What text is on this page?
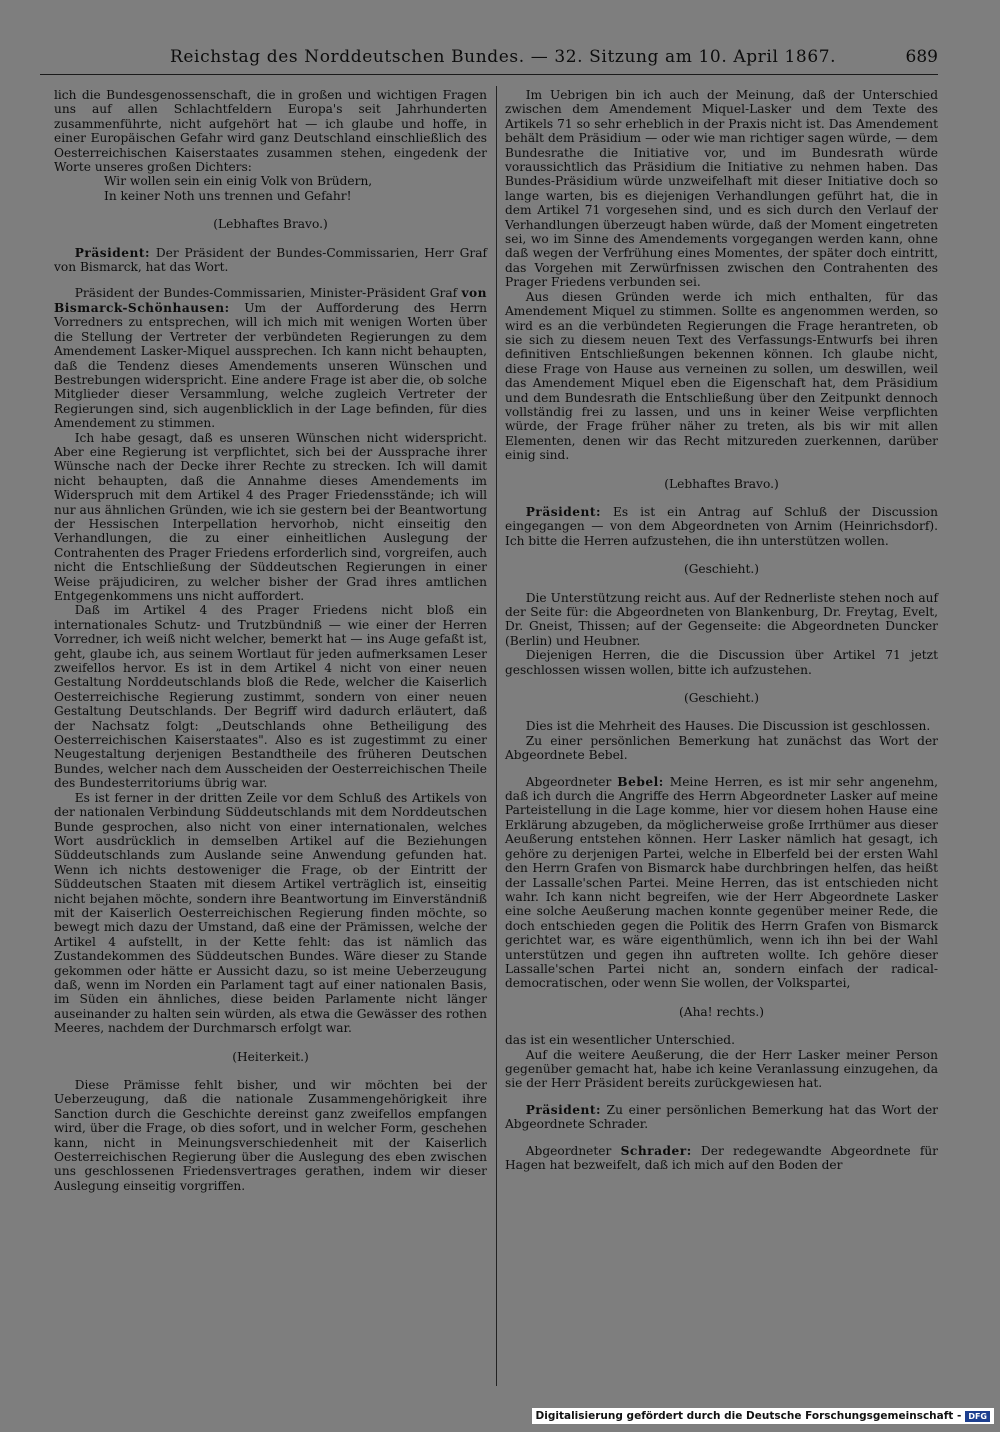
Reichstag des Norddeutschen Bundes. — 32. Sitzung am 10. April 1867.	689

lich die Bundesgenossenschaft, die in großen und wichtigen Fragen uns auf allen Schlachtfeldern Europa's seit Jahrhunderten zusammenführte, nicht aufgehört hat — ich glaube und hoffe, in einer Europäischen Gefahr wird ganz Deutschland einschließlich des Oesterreichischen Kaiserstaates zusammen stehen, eingedenk der Worte unseres großen Dichters:

Wir wollen sein ein einig Volk von Brüdern,

In keiner Noth uns trennen und Gefahr!

(Lebhaftes Bravo.)

Präsident: Der Präsident der Bundes-Commissarien, Herr Graf von Bismarck, hat das Wort.

Präsident der Bundes-Commissarien, Minister-Präsident Graf von Bismarck-Schönhausen: Um der Aufforderung des Herrn Vorredners zu entsprechen, will ich mich mit wenigen Worten über die Stellung der Vertreter der verbündeten Regierungen zu dem Amendement Lasker-Miquel aussprechen. Ich kann nicht behaupten, daß die Tendenz dieses Amendements unseren Wünschen und Bestrebungen widerspricht. Eine andere Frage ist aber die, ob solche Mitglieder dieser Versammlung, welche zugleich Vertreter der Regierungen sind, sich augenblicklich in der Lage befinden, für dies Amendement zu stimmen.

Ich habe gesagt, daß es unseren Wünschen nicht widerspricht. Aber eine Regierung ist verpflichtet, sich bei der Aussprache ihrer Wünsche nach der Decke ihrer Rechte zu strecken. Ich will damit nicht behaupten, daß die Annahme dieses Amendements im Widerspruch mit dem Artikel 4 des Prager Friedensstände; ich will nur aus ähnlichen Gründen, wie ich sie gestern bei der Beantwortung der Hessischen Interpellation hervorhob, nicht einseitig den Verhandlungen, die zu einer einheitlichen Auslegung der Contrahenten des Prager Friedens erforderlich sind, vorgreifen, auch nicht die Entschließung der Süddeutschen Regierungen in einer Weise präjudiciren, zu welcher bisher der Grad ihres amtlichen Entgegenkommens uns nicht auffordert.

Daß im Artikel 4 des Prager Friedens nicht bloß ein internationales Schutz- und Trutzbündniß — wie einer der Herren Vorredner, ich weiß nicht welcher, bemerkt hat — ins Auge gefaßt ist, geht, glaube ich, aus seinem Wortlaut für jeden aufmerksamen Leser zweifellos hervor. Es ist in dem Artikel 4 nicht von einer neuen Gestaltung Norddeutschlands bloß die Rede, welcher die Kaiserlich Oesterreichische Regierung zustimmt, sondern von einer neuen Gestaltung Deutschlands. Der Begriff wird dadurch erläutert, daß der Nachsatz folgt: „Deutschlands ohne Betheiligung des Oesterreichischen Kaiserstaates". Also es ist zugestimmt zu einer Neugestaltung derjenigen Bestandtheile des früheren Deutschen Bundes, welcher nach dem Ausscheiden der Oesterreichischen Theile des Bundesterritoriums übrig war.

Es ist ferner in der dritten Zeile vor dem Schluß des Artikels von der nationalen Verbindung Süddeutschlands mit dem Norddeutschen Bunde gesprochen, also nicht von einer internationalen, welches Wort ausdrücklich in demselben Artikel auf die Beziehungen Süddeutschlands zum Auslande seine Anwendung gefunden hat. Wenn ich nichts destoweniger die Frage, ob der Eintritt der Süddeutschen Staaten mit diesem Artikel verträglich ist, einseitig nicht bejahen möchte, sondern ihre Beantwortung im Einverständniß mit der Kaiserlich Oesterreichischen Regierung finden möchte, so bewegt mich dazu der Umstand, daß eine der Prämissen, welche der Artikel 4 aufstellt, in der Kette fehlt: das ist nämlich das Zustandekommen des Süddeutschen Bundes. Wäre dieser zu Stande gekommen oder hätte er Aussicht dazu, so ist meine Ueberzeugung daß, wenn im Norden ein Parlament tagt auf einer nationalen Basis, im Süden ein ähnliches, diese beiden Parlamente nicht länger auseinander zu halten sein würden, als etwa die Gewässer des rothen Meeres, nachdem der Durchmarsch erfolgt war.

(Heiterkeit.)

Diese Prämisse fehlt bisher, und wir möchten bei der Ueberzeugung, daß die nationale Zusammengehörigkeit ihre Sanction durch die Geschichte dereinst ganz zweifellos empfangen wird, über die Frage, ob dies sofort, und in welcher Form, geschehen kann, nicht in Meinungsverschiedenheit mit der Kaiserlich Oesterreichischen Regierung über die Auslegung des eben zwischen uns geschlossenen Friedensvertrages gerathen, indem wir dieser Auslegung einseitig vorgriffen.

Im Uebrigen bin ich auch der Meinung, daß der Unterschied zwischen dem Amendement Miquel-Lasker und dem Texte des Artikels 71 so sehr erheblich in der Praxis nicht ist. Das Amendement behält dem Präsidium — oder wie man richtiger sagen würde, — dem Bundesrathe die Initiative vor, und im Bundesrath würde voraussichtlich das Präsidium die Initiative zu nehmen haben. Das Bundes-Präsidium würde unzweifelhaft mit dieser Initiative doch so lange warten, bis es diejenigen Verhandlungen geführt hat, die in dem Artikel 71 vorgesehen sind, und es sich durch den Verlauf der Verhandlungen überzeugt haben würde, daß der Moment eingetreten sei, wo im Sinne des Amendements vorgegangen werden kann, ohne daß wegen der Verfrühung eines Momentes, der später doch eintritt, das Vorgehen mit Zerwürfnissen zwischen den Contrahenten des Prager Friedens verbunden sei.

Aus diesen Gründen werde ich mich enthalten, für das Amendement Miquel zu stimmen. Sollte es angenommen werden, so wird es an die verbündeten Regierungen die Frage herantreten, ob sie sich zu diesem neuen Text des Verfassungs-Entwurfs bei ihren definitiven Entschließungen bekennen können. Ich glaube nicht, diese Frage von Hause aus verneinen zu sollen, um deswillen, weil das Amendement Miquel eben die Eigenschaft hat, dem Präsidium und dem Bundesrath die Entschließung über den Zeitpunkt dennoch vollständig frei zu lassen, und uns in keiner Weise verpflichten würde, der Frage früher näher zu treten, als bis wir mit allen Elementen, denen wir das Recht mitzureden zuerkennen, darüber einig sind.

(Lebhaftes Bravo.)

Präsident: Es ist ein Antrag auf Schluß der Discussion eingegangen — von dem Abgeordneten von Arnim (Heinrichsdorf). Ich bitte die Herren aufzustehen, die ihn unterstützen wollen.

(Geschieht.)

Die Unterstützung reicht aus. Auf der Rednerliste stehen noch auf der Seite für: die Abgeordneten von Blankenburg, Dr. Freytag, Evelt, Dr. Gneist, Thissen; auf der Gegenseite: die Abgeordneten Duncker (Berlin) und Heubner.

Diejenigen Herren, die die Discussion über Artikel 71 jetzt geschlossen wissen wollen, bitte ich aufzustehen.

(Geschieht.)

Dies ist die Mehrheit des Hauses. Die Discussion ist geschlossen.

Zu einer persönlichen Bemerkung hat zunächst das Wort der Abgeordnete Bebel.

Abgeordneter Bebel: Meine Herren, es ist mir sehr angenehm, daß ich durch die Angriffe des Herrn Abgeordneter Lasker auf meine Parteistellung in die Lage komme, hier vor diesem hohen Hause eine Erklärung abzugeben, da möglicherweise große Irrthümer aus dieser Aeußerung entstehen können. Herr Lasker nämlich hat gesagt, ich gehöre zu derjenigen Partei, welche in Elberfeld bei der ersten Wahl den Herrn Grafen von Bismarck habe durchbringen helfen, das heißt der Lassalle'schen Partei. Meine Herren, das ist entschieden nicht wahr. Ich kann nicht begreifen, wie der Herr Abgeordnete Lasker eine solche Aeußerung machen konnte gegenüber meiner Rede, die doch entschieden gegen die Politik des Herrn Grafen von Bismarck gerichtet war, es wäre eigenthümlich, wenn ich ihn bei der Wahl unterstützen und gegen ihn auftreten wollte. Ich gehöre dieser Lassalle'schen Partei nicht an, sondern einfach der radical-democratischen, oder wenn Sie wollen, der Volkspartei,

(Aha! rechts.)

das ist ein wesentlicher Unterschied.

Auf die weitere Aeußerung, die der Herr Lasker meiner Person gegenüber gemacht hat, habe ich keine Veranlassung einzugehen, da sie der Herr Präsident bereits zurückgewiesen hat.

Präsident: Zu einer persönlichen Bemerkung hat das Wort der Abgeordnete Schrader.

Abgeordneter Schrader: Der redegewandte Abgeordnete für Hagen hat bezweifelt, daß ich mich auf den Boden der

Digitalisierung gefördert durch die Deutsche Forschungsgemeinschaft - DFG
